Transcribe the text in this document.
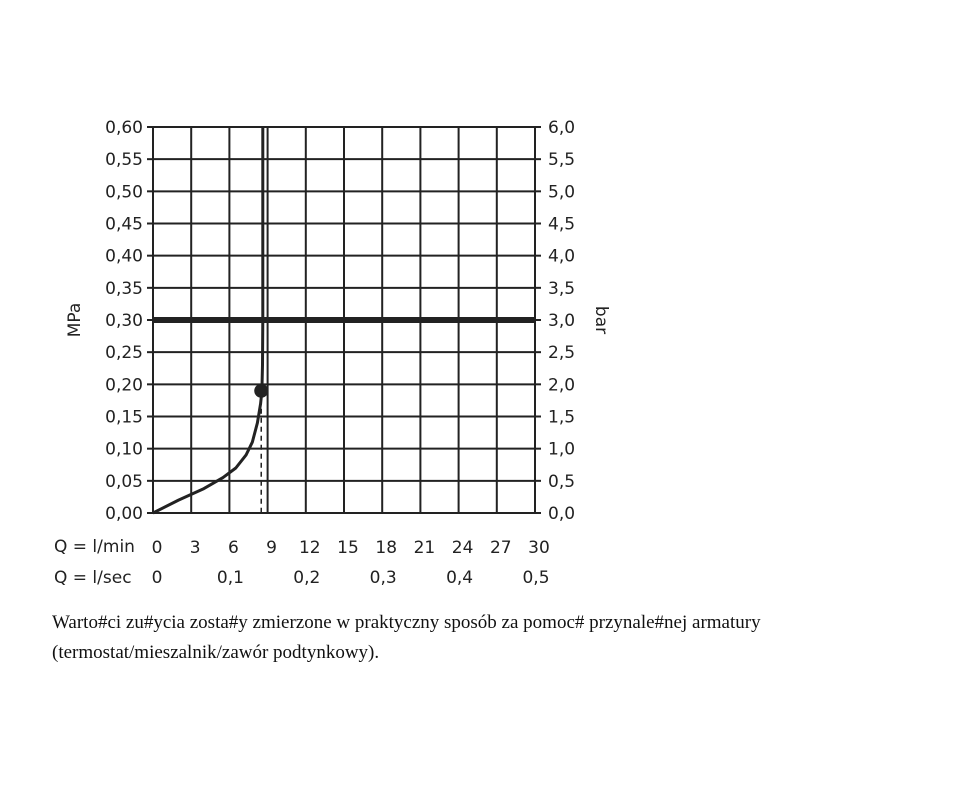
0,00
0,05
0,10
0,15
0,20
0,25
0,30
0,35
0,40
0,45
0,50
0,55
0,60
0,0
0,5
1,0
1,5
2,0
2,5
3,0
3,5
4,0
4,5
5,0
5,5
6,0
0 3 6 9 12 15 18 21 24 27 30
0	0,1	0,2	0,3	0,4	0,5
MPa	bar
Q = l/min
Q = l/sec
Warto#ci zu#ycia zosta#y zmierzone w praktyczny sposób za pomoc# przynale#nej armatury
(termostat/mieszalnik/zawór podtynkowy).
